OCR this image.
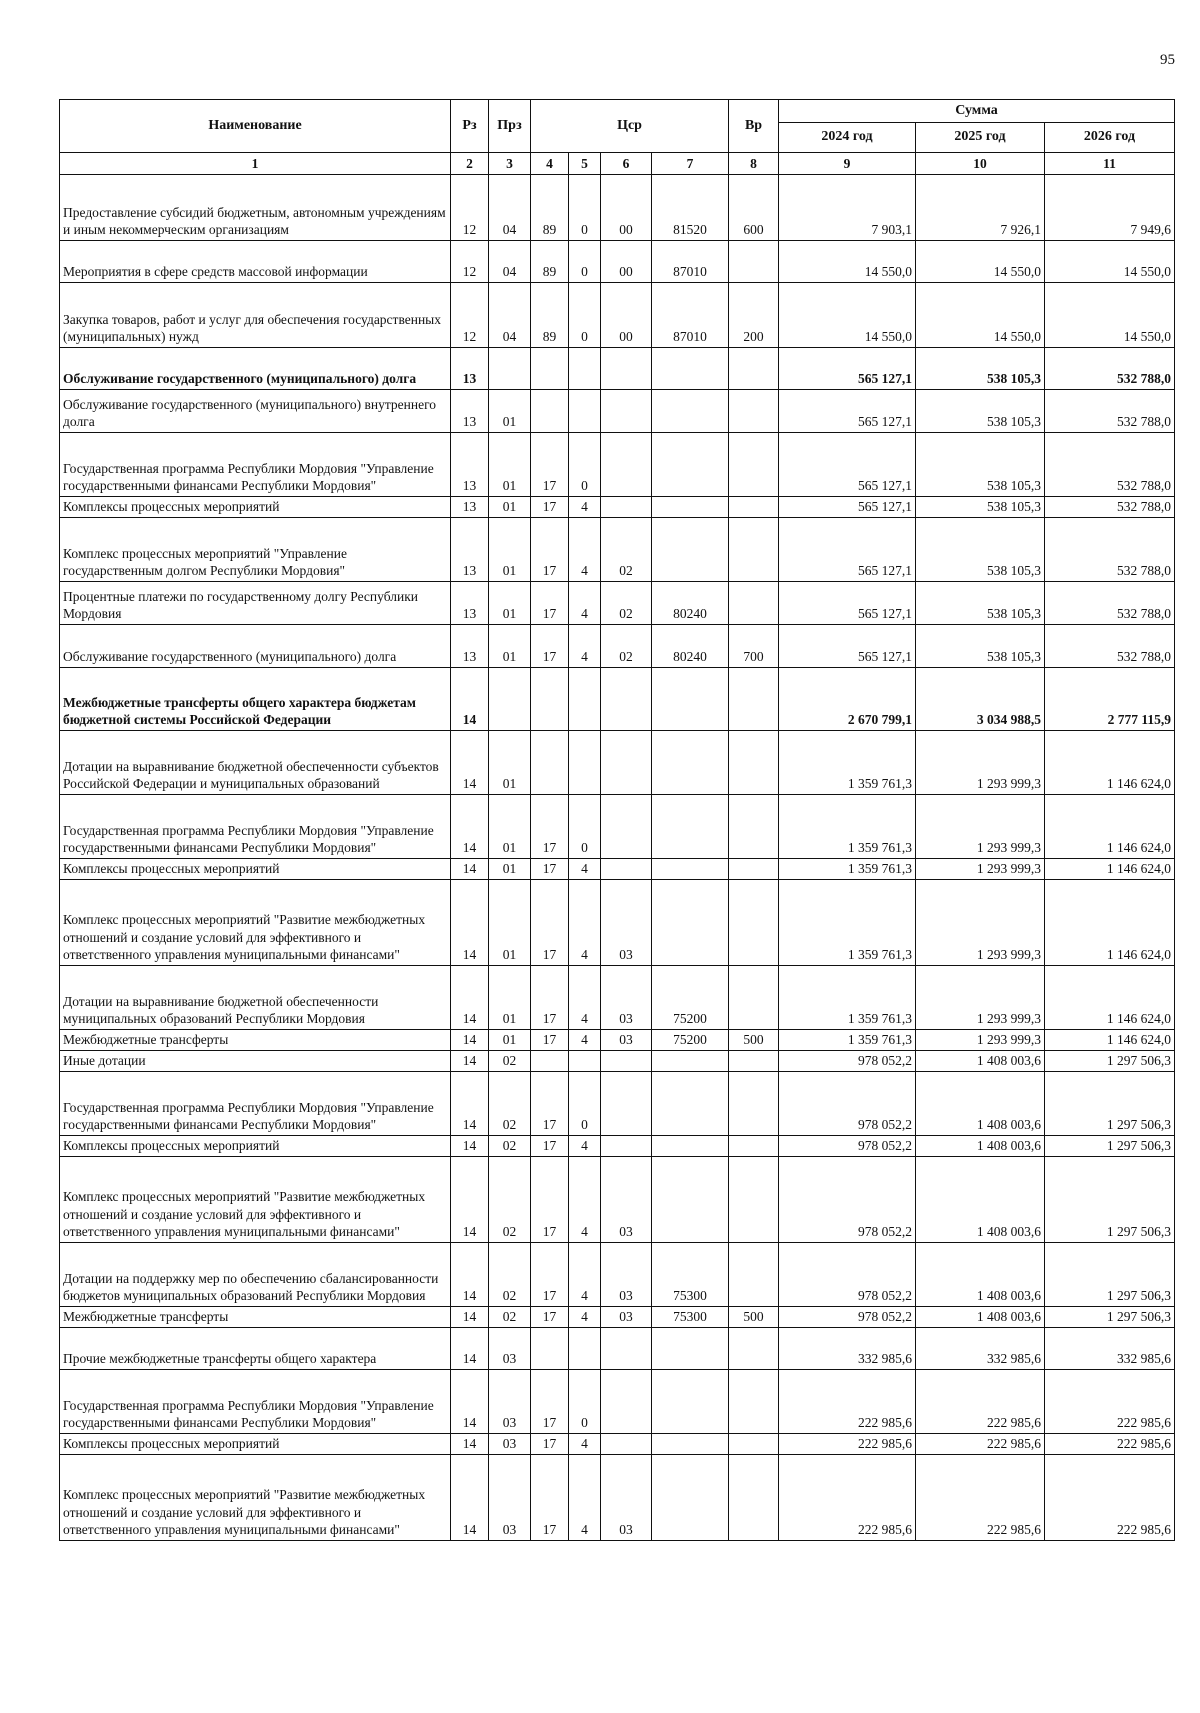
95
Наименование	Рз	Прз	Цср				Вр	Сумма		
								2024 год	2025 год	2026 год
1	2	3	4	5	6	7	8	9	10	11
Предоставление субсидий бюджетным, автономным учреждениям и иным некоммерческим организациям	12	04	89	0	00	81520	600	7 903,1	7 926,1	7 949,6
Мероприятия в сфере средств массовой информации	12	04	89	0	00	87010		14 550,0	14 550,0	14 550,0
Закупка товаров, работ и услуг для обеспечения государственных (муниципальных) нужд	12	04	89	0	00	87010	200	14 550,0	14 550,0	14 550,0
Обслуживание государственного (муниципального) долга	13							565 127,1	538 105,3	532 788,0
Обслуживание государственного (муниципального) внутреннего долга	13	01						565 127,1	538 105,3	532 788,0
Государственная программа Республики Мордовия "Управление государственными финансами Республики Мордовия"	13	01	17	0				565 127,1	538 105,3	532 788,0
Комплексы процессных мероприятий	13	01	17	4				565 127,1	538 105,3	532 788,0
Комплекс процессных мероприятий "Управление государственным долгом Республики Мордовия"	13	01	17	4	02			565 127,1	538 105,3	532 788,0
Процентные платежи по государственному долгу Республики Мордовия	13	01	17	4	02	80240		565 127,1	538 105,3	532 788,0
Обслуживание государственного (муниципального) долга	13	01	17	4	02	80240	700	565 127,1	538 105,3	532 788,0
Межбюджетные трансферты общего характера бюджетам бюджетной системы Российской Федерации	14							2 670 799,1	3 034 988,5	2 777 115,9
Дотации на выравнивание бюджетной обеспеченности субъектов Российской Федерации и муниципальных образований	14	01						1 359 761,3	1 293 999,3	1 146 624,0
Государственная программа Республики Мордовия "Управление государственными финансами Республики Мордовия"	14	01	17	0				1 359 761,3	1 293 999,3	1 146 624,0
Комплексы процессных мероприятий	14	01	17	4				1 359 761,3	1 293 999,3	1 146 624,0
Комплекс процессных мероприятий "Развитие межбюджетных отношений и создание условий для эффективного и ответственного управления муниципальными финансами"	14	01	17	4	03			1 359 761,3	1 293 999,3	1 146 624,0
Дотации на выравнивание бюджетной обеспеченности муниципальных образований Республики Мордовия	14	01	17	4	03	75200		1 359 761,3	1 293 999,3	1 146 624,0
Межбюджетные трансферты	14	01	17	4	03	75200	500	1 359 761,3	1 293 999,3	1 146 624,0
Иные дотации	14	02						978 052,2	1 408 003,6	1 297 506,3
Государственная программа Республики Мордовия "Управление государственными финансами Республики Мордовия"	14	02	17	0				978 052,2	1 408 003,6	1 297 506,3
Комплексы процессных мероприятий	14	02	17	4				978 052,2	1 408 003,6	1 297 506,3
Комплекс процессных мероприятий "Развитие межбюджетных отношений и создание условий для эффективного и ответственного управления муниципальными финансами"	14	02	17	4	03			978 052,2	1 408 003,6	1 297 506,3
Дотации на поддержку мер по обеспечению сбалансированности бюджетов муниципальных образований Республики Мордовия	14	02	17	4	03	75300		978 052,2	1 408 003,6	1 297 506,3
Межбюджетные трансферты	14	02	17	4	03	75300	500	978 052,2	1 408 003,6	1 297 506,3
Прочие межбюджетные трансферты общего характера	14	03						332 985,6	332 985,6	332 985,6
Государственная программа Республики Мордовия "Управление государственными финансами Республики Мордовия"	14	03	17	0				222 985,6	222 985,6	222 985,6
Комплексы процессных мероприятий	14	03	17	4				222 985,6	222 985,6	222 985,6
Комплекс процессных мероприятий "Развитие межбюджетных отношений и создание условий для эффективного и ответственного управления муниципальными финансами"	14	03	17	4	03			222 985,6	222 985,6	222 985,6
